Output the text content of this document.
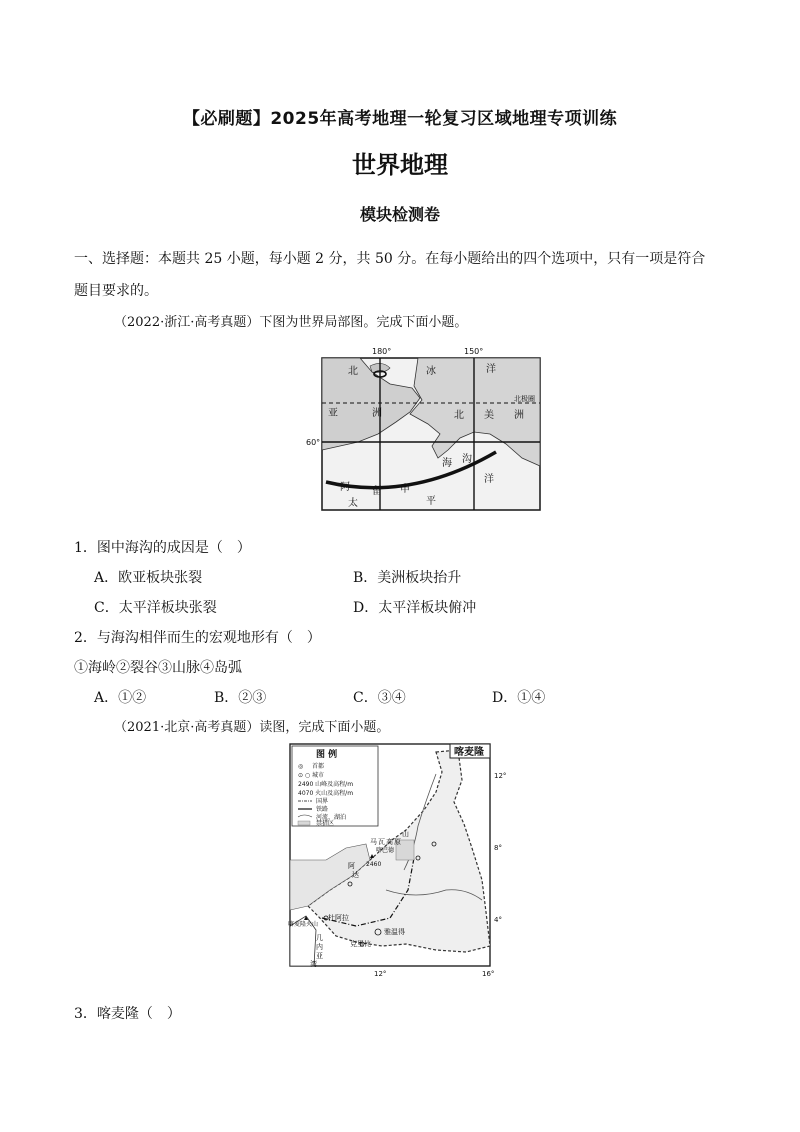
【必刷题】2025年高考地理一轮复习区域地理专项训练
世界地理
模块检测卷
一、选择题：本题共 25 小题，每小题 2 分，共 50 分。在每小题给出的四个选项中，只有一项是符合
题目要求的。
（2022·浙江·高考真题）下图为世界局部图。完成下面小题。
180°	150°
60°
北极圈
北	冰	洋
亚	洲	北 美 洲
阿 留 申
海 沟
太	平
洋
1．图中海沟的成因是（　）
A．欧亚板块张裂	B．美洲板块抬升
C．太平洋板块张裂	D．太平洋板块俯冲
2．与海沟相伴而生的宏观地形有（　）
①海岭②裂谷③山脉④岛弧
A．①②	B．②③	C．③④	D．①④
（2021·北京·高考真题）读图，完成下面小题。
图 例
◎ 首都
⊙ ○ 城市
2490 山峰及高程/m
4070 火山及高程/m
国界
铁路
河流、湖泊
禁猎区
喀麦隆
12°
8°
4°
12°	16°
喀麦隆火山
杜阿拉
雅温得
克里比
几
内
亚
湾
阿
达
马 瓦 高 原
山
喀巴德
2460
3．喀麦隆（　）
